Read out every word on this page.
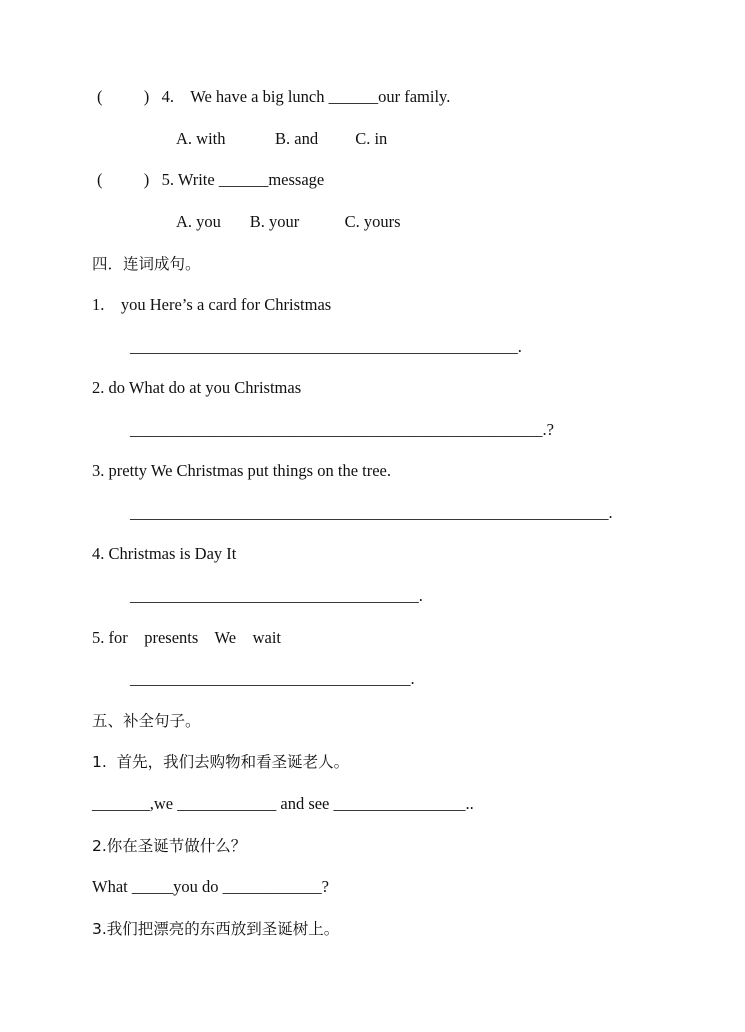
(          )   4.    We have a big lunch ______our family.
A. with            B. and         C. in
(          )   5. Write ______message
A. you       B. your           C. yours
四．连词成句。
1.    you Here’s a card for Christmas
_______________________________________________.
2. do What do at you Christmas
__________________________________________________.?
3. pretty We Christmas put things on the tree.
__________________________________________________________.
4. Christmas is Day It
___________________________________.
5. for    presents    We    wait
__________________________________.
五、补全句子。
1.  首先，我们去购物和看圣诞老人。
_______,we ____________ and see ________________..
2.你在圣诞节做什么？
What _____you do ____________?
3.我们把漂亮的东西放到圣诞树上。
